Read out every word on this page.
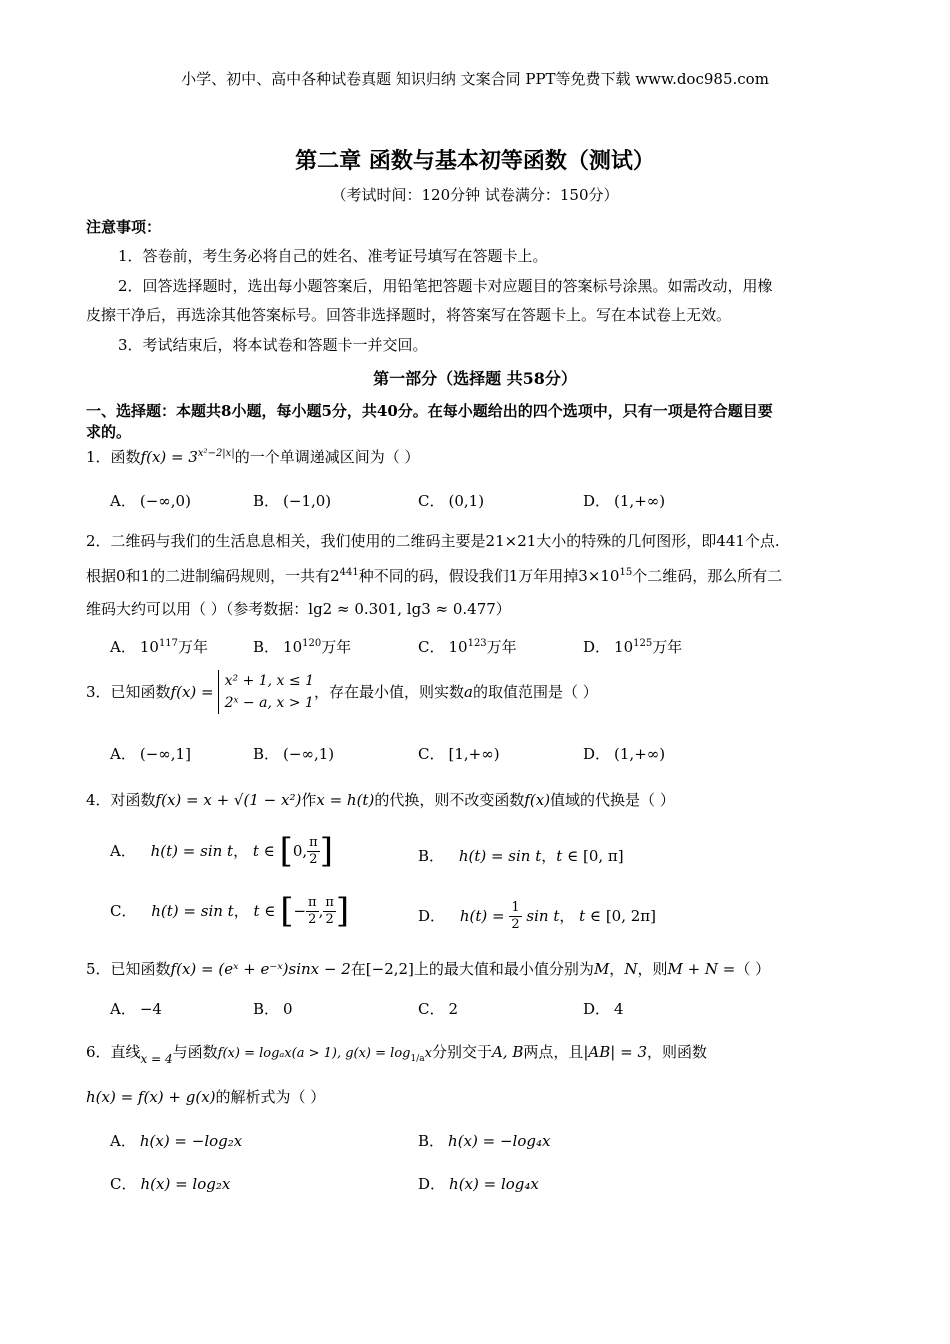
小学、初中、高中各种试卷真题 知识归纳 文案合同 PPT等免费下载 www.doc985.com
第二章 函数与基本初等函数（测试）
（考试时间：120分钟 试卷满分：150分）
注意事项：
1．答卷前，考生务必将自己的姓名、准考证号填写在答题卡上。
2．回答选择题时，选出每小题答案后，用铅笔把答题卡对应题目的答案标号涂黑。如需改动，用橡
皮擦干净后，再选涂其他答案标号。回答非选择题时，将答案写在答题卡上。写在本试卷上无效。
3．考试结束后，将本试卷和答题卡一并交回。
第一部分（选择题 共58分）
一、选择题：本题共8小题，每小题5分，共40分。在每小题给出的四个选项中，只有一项是符合题目要
求的。
1．函数$f(x) = 3^{x^2-2|x|}$的一个单调递减区间为（ ）
A． (−∞,0)	B． (−1,0)	C． (0,1)	D． (1,+∞)
2．二维码与我们的生活息息相关，我们使用的二维码主要是21×21大小的特殊的几何图形，即441个点.
根据0和1的二进制编码规则，一共有$2^{441}$种不同的码，假设我们1万年用掉$3\times 10^{15}$个二维码，那么所有二
维码大约可以用（ ）（参考数据：lg2 ≈ 0.301, lg3 ≈ 0.477）
A． $10^{117}$万年	B． $10^{120}$万年	C． $10^{123}$万年	D． $10^{125}$万年
3．已知函数f(x) =
x² + 1, x ≤ 1
2ˣ − a, x > 1
，存在最小值，则实数a的取值范围是（ ）
A． (−∞,1]	B． (−∞,1)	C． [1,+∞)	D． (1,+∞)
4．对函数f(x) = x + √(1 − x²)作x = h(t)的代换，则不改变函数f(x)值域的代换是（ ）
A． h(t) = sin t， t ∈ [0, $\frac{\pi}{2}$ ]	B． h(t) = sin t，t ∈ [0, π]
C． h(t) = sin t， t ∈ [− $\frac{\pi}{2}$ , $\frac{\pi}{2}$ ]	D． $h(t) = \frac{1}{2}$ sin t， t ∈ [0, 2π]
5．已知函数f(x) = (eˣ + e⁻ˣ)sinx − 2在[−2,2]上的最大值和最小值分别为M，N，则M + N =（ ）
A． −4	B． 0	C． 2	D． 4
6．直线$_{x = 4}$与函数f(x) = logₐx(a > 1), $g(x) = \log_{1/a}x$分别交于A, B两点，且|AB| = 3，则函数
h(x) = f(x) + g(x)的解析式为（ ）
A． h(x) = −log₂x	B． h(x) = −log₄x
C． h(x) = log₂x	D． h(x) = log₄x
